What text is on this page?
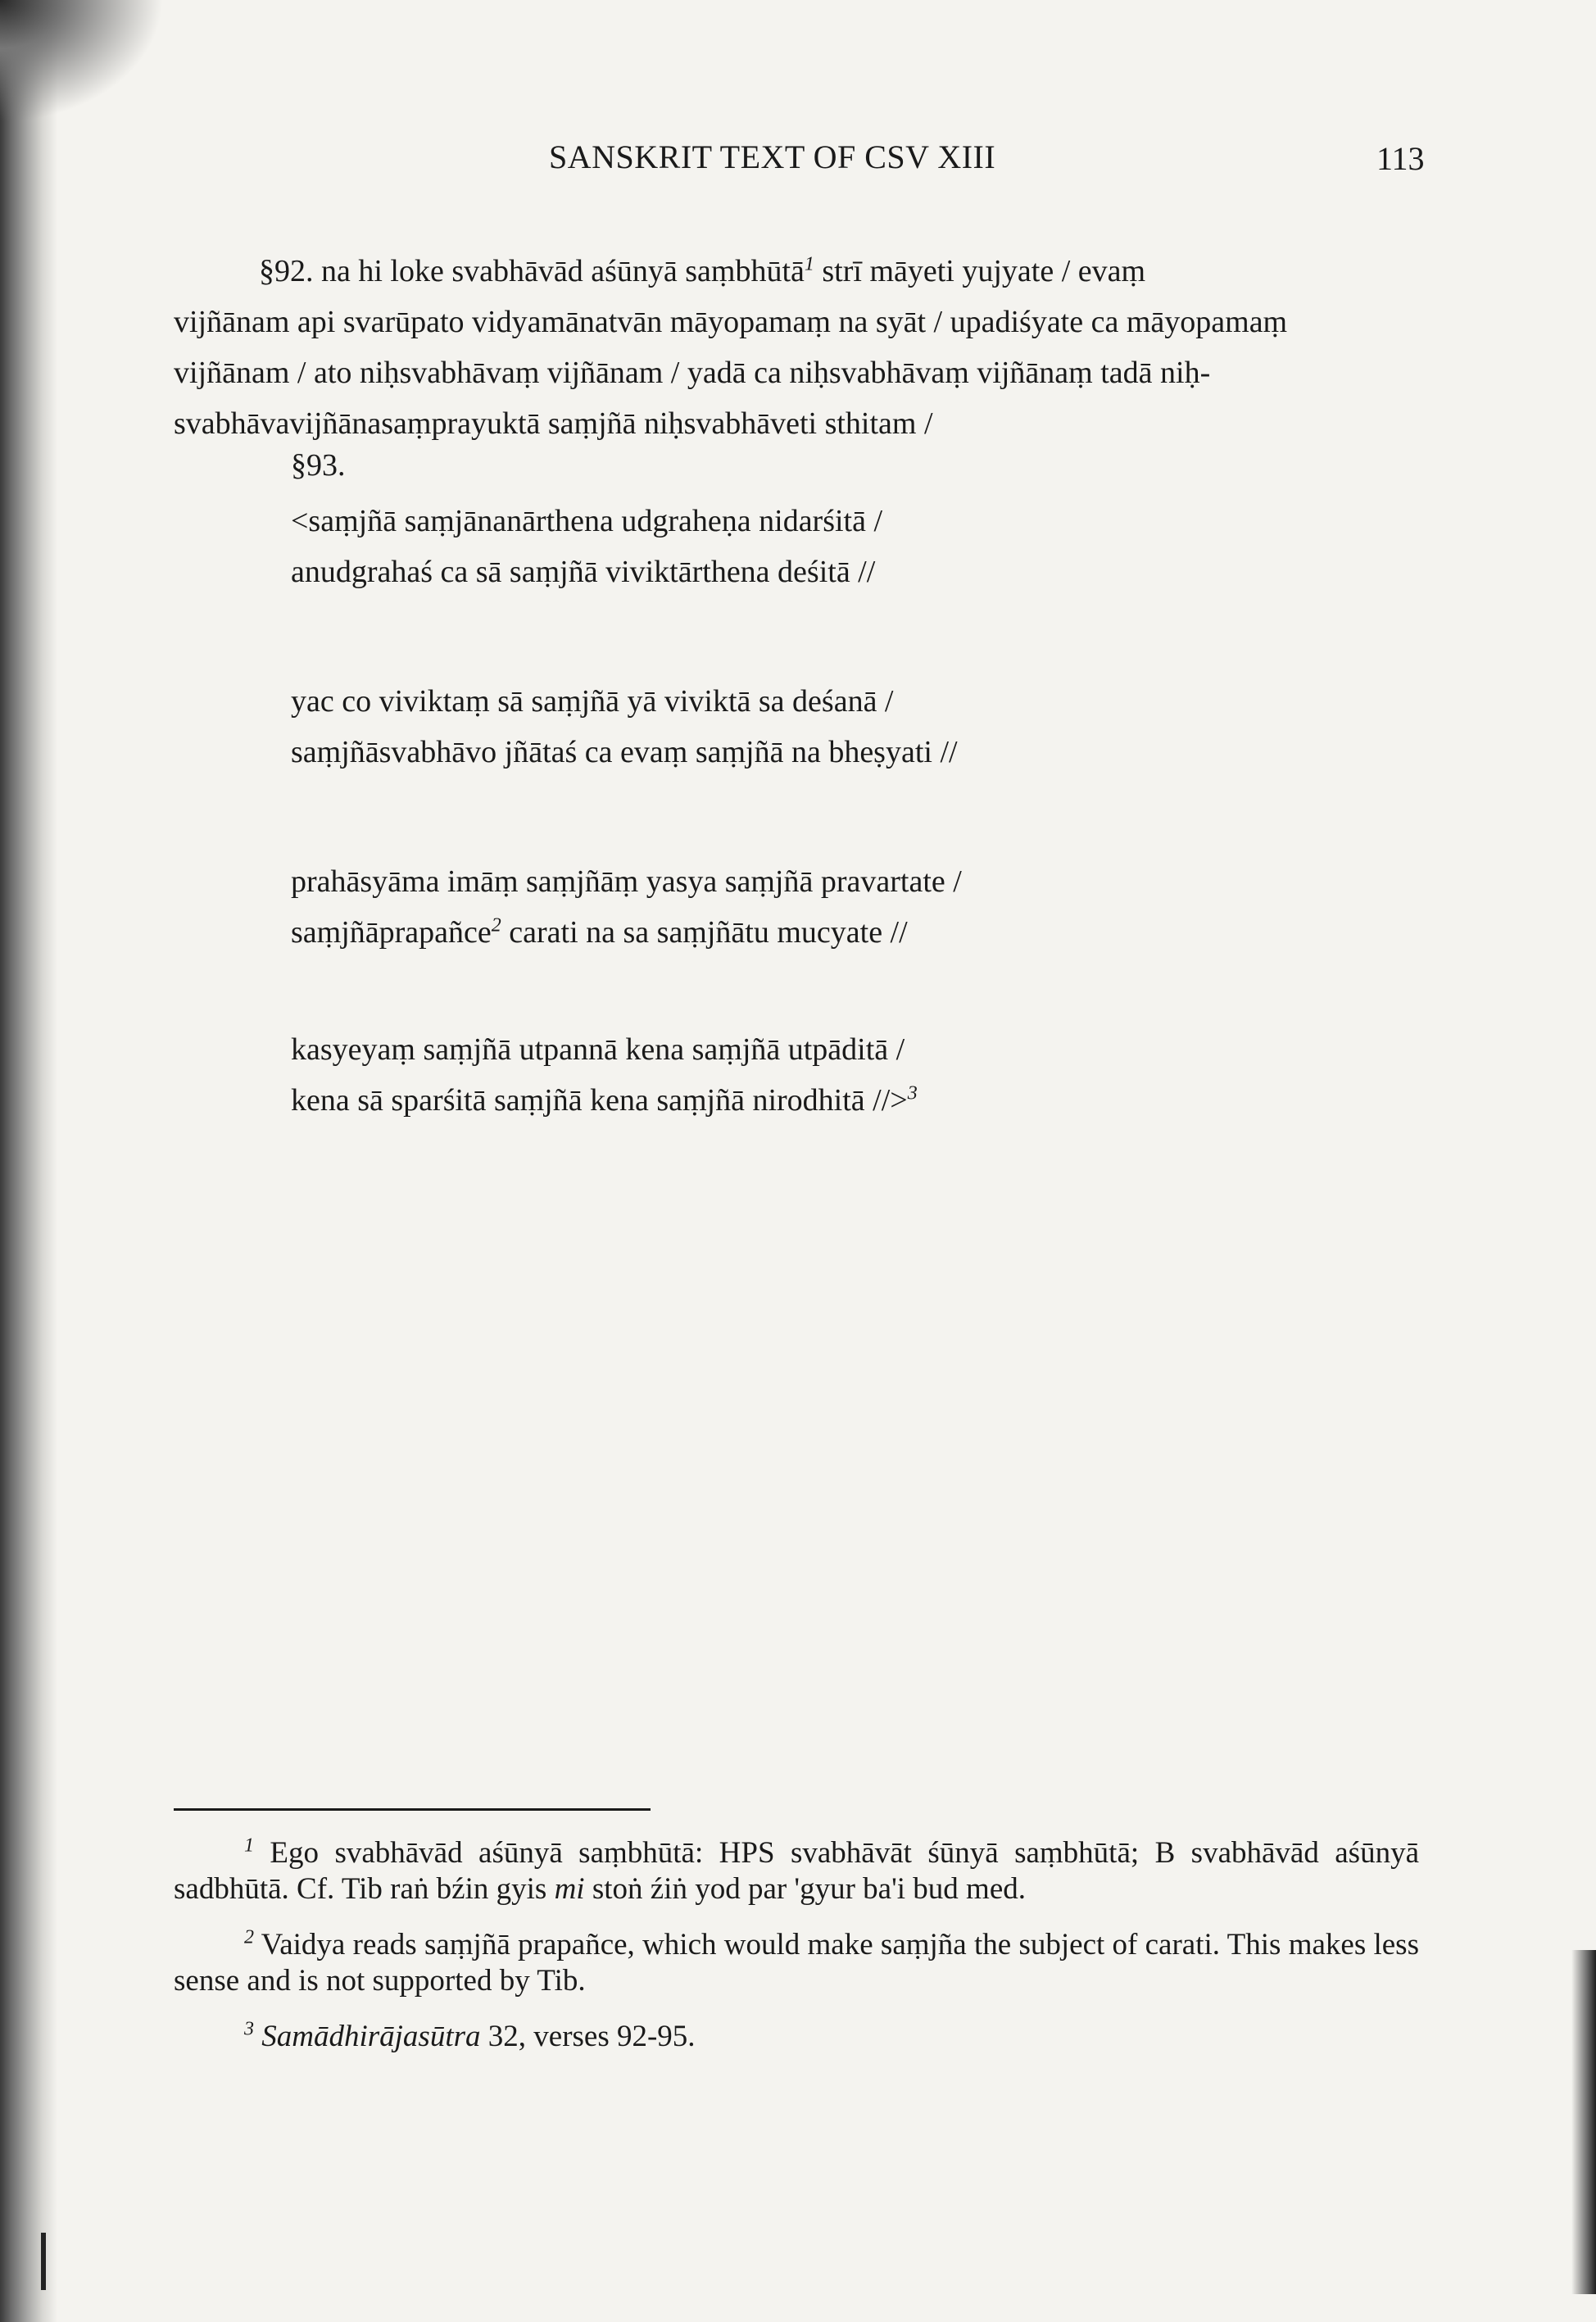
SANSKRIT TEXT OF CSV XIII	113

§92. na hi loke svabhāvād aśūnyā saṃbhūtā$^1$ strī māyeti yujyate / evaṃ

vijñānam api svarūpato vidyamānatvān māyopamaṃ na syāt / upadiśyate ca māyopamaṃ

vijñānam / ato niḥsvabhāvaṃ vijñānam / yadā ca niḥsvabhāvaṃ vijñānaṃ tadā niḥ-

svabhāvavijñānasaṃprayuktā saṃjñā niḥsvabhāveti sthitam /

§93.
<saṃjñā saṃjānanārthena udgraheṇa nidarśitā /
anudgrahaś ca sā saṃjñā viviktārthena deśitā //
yac co viviktaṃ sā saṃjñā yā viviktā sa deśanā /
saṃjñāsvabhāvo jñātaś ca evaṃ saṃjñā na bheṣyati //
prahāsyāma imāṃ saṃjñāṃ yasya saṃjñā pravartate /
saṃjñāprapañce$^2$ carati na sa saṃjñātu mucyate //
kasyeyaṃ saṃjñā utpannā kena saṃjñā utpāditā /
kena sā sparśitā saṃjñā kena saṃjñā nirodhitā //>$^3$

$^1$ Ego svabhāvād aśūnyā saṃbhūtā: HPS svabhāvāt śūnyā saṃbhūtā; B svabhāvād aśūnyā sadbhūtā. Cf. Tib raṅ bźin gyis mi stoṅ źiṅ yod par 'gyur ba'i bud med.

$^2$ Vaidya reads saṃjñā prapañce, which would make saṃjña the subject of carati. This makes less sense and is not supported by Tib.

$^3$ Samādhirājasūtra 32, verses 92-95.
